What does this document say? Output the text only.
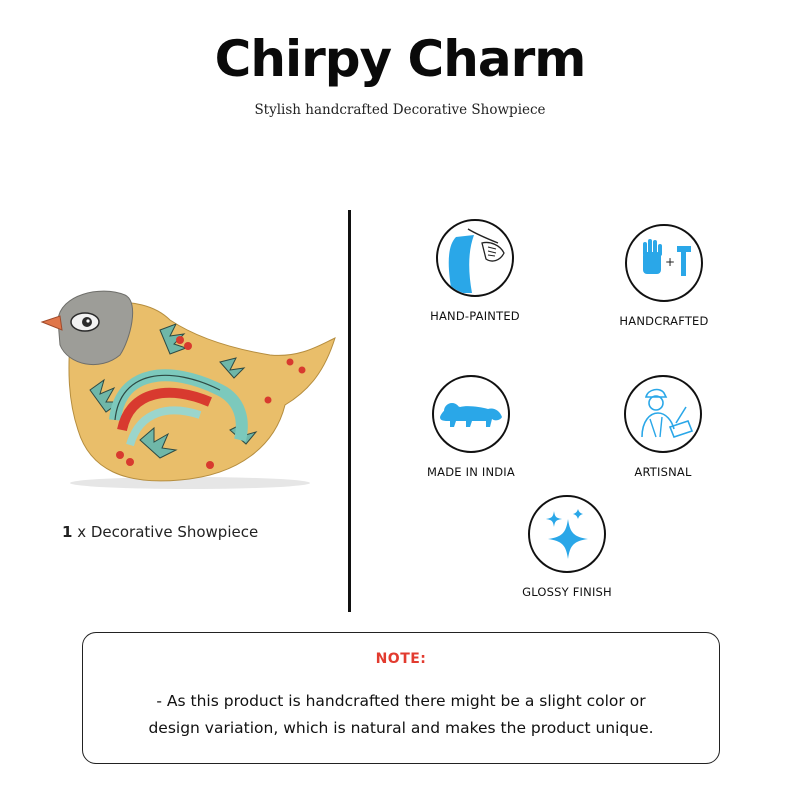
Chirpy Charm
Stylish handcrafted Decorative Showpiece
1 x Decorative Showpiece
HAND-PAINTED
+
HANDCRAFTED
MADE IN INDIA	ARTISNAL
GLOSSY FINISH
NOTE:
- As this product is handcrafted there might be a slight color or
design variation, which is natural and makes the product unique.
